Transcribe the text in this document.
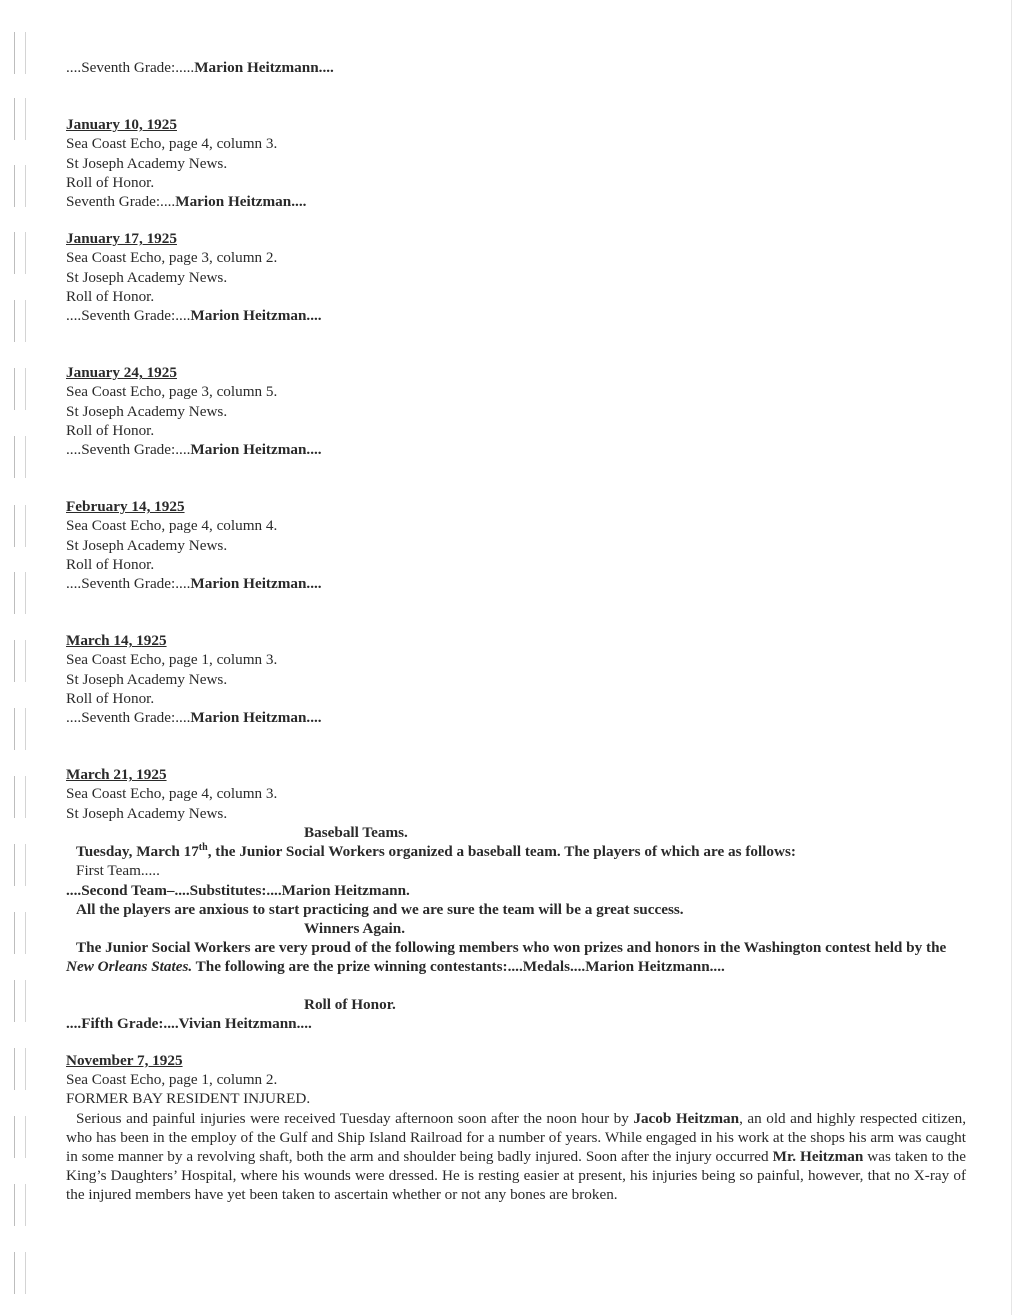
....Seventh Grade:.....Marion Heitzmann....
January 10, 1925
Sea Coast Echo, page 4, column 3.
St Joseph Academy News.
Roll of Honor.
Seventh Grade:....Marion Heitzman....
January 17, 1925
Sea Coast Echo, page 3, column 2.
St Joseph Academy News.
Roll of Honor.
....Seventh Grade:....Marion Heitzman....
January 24, 1925
Sea Coast Echo, page 3, column 5.
St Joseph Academy News.
Roll of Honor.
....Seventh Grade:....Marion Heitzman....
February 14, 1925
Sea Coast Echo, page 4, column 4.
St Joseph Academy News.
Roll of Honor.
....Seventh Grade:....Marion Heitzman....
March 14, 1925
Sea Coast Echo, page 1, column 3.
St Joseph Academy News.
Roll of Honor.
....Seventh Grade:....Marion Heitzman....
March 21, 1925
Sea Coast Echo, page 4, column 3.
St Joseph Academy News.
Baseball Teams.
Tuesday, March 17th, the Junior Social Workers organized a baseball team. The players of which are as follows:
First Team.....
....Second Team–....Substitutes:....Marion Heitzmann.
All the players are anxious to start practicing and we are sure the team will be a great success.
Winners Again.
The Junior Social Workers are very proud of the following members who won prizes and honors in the Washington contest held by the New Orleans States. The following are the prize winning contestants:....Medals....Marion Heitzmann....
Roll of Honor.
....Fifth Grade:....Vivian Heitzmann....
November 7, 1925
Sea Coast Echo, page 1, column 2.
FORMER BAY RESIDENT INJURED.
Serious and painful injuries were received Tuesday afternoon soon after the noon hour by Jacob Heitzman, an old and highly respected citizen, who has been in the employ of the Gulf and Ship Island Railroad for a number of years. While engaged in his work at the shops his arm was caught in some manner by a revolving shaft, both the arm and shoulder being badly injured. Soon after the injury occurred Mr. Heitzman was taken to the King’s Daughters’ Hospital, where his wounds were dressed. He is resting easier at present, his injuries being so painful, however, that no X-ray of the injured members have yet been taken to ascertain whether or not any bones are broken.
